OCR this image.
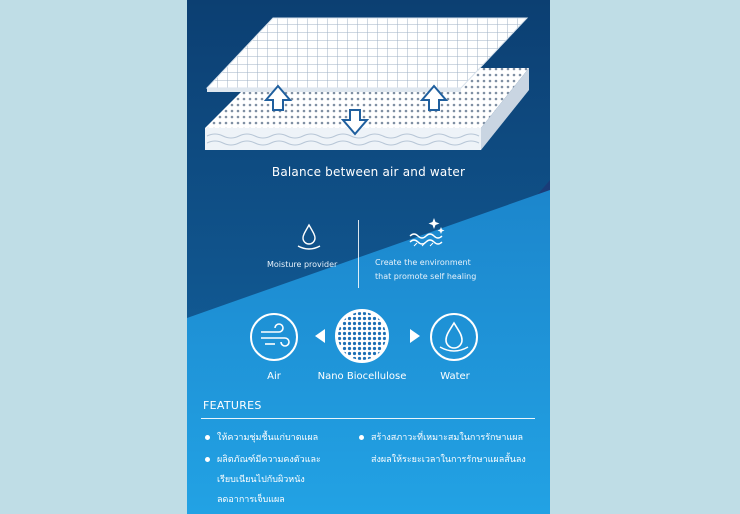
Balance between air and water
Moisture provider	Create the environment
that promote self healing
Air	Nano Biocellulose	Water
FEATURES
ให้ความชุ่มชื้นแก่บาดแผล
ผลิตภัณฑ์มีความคงตัวและ
เรียบเนียนไปกับผิวหนัง
ลดอาการเจ็บแผล
สร้างสภาวะที่เหมาะสมในการรักษาแผล
ส่งผลให้ระยะเวลาในการรักษาแผลสั้นลง
